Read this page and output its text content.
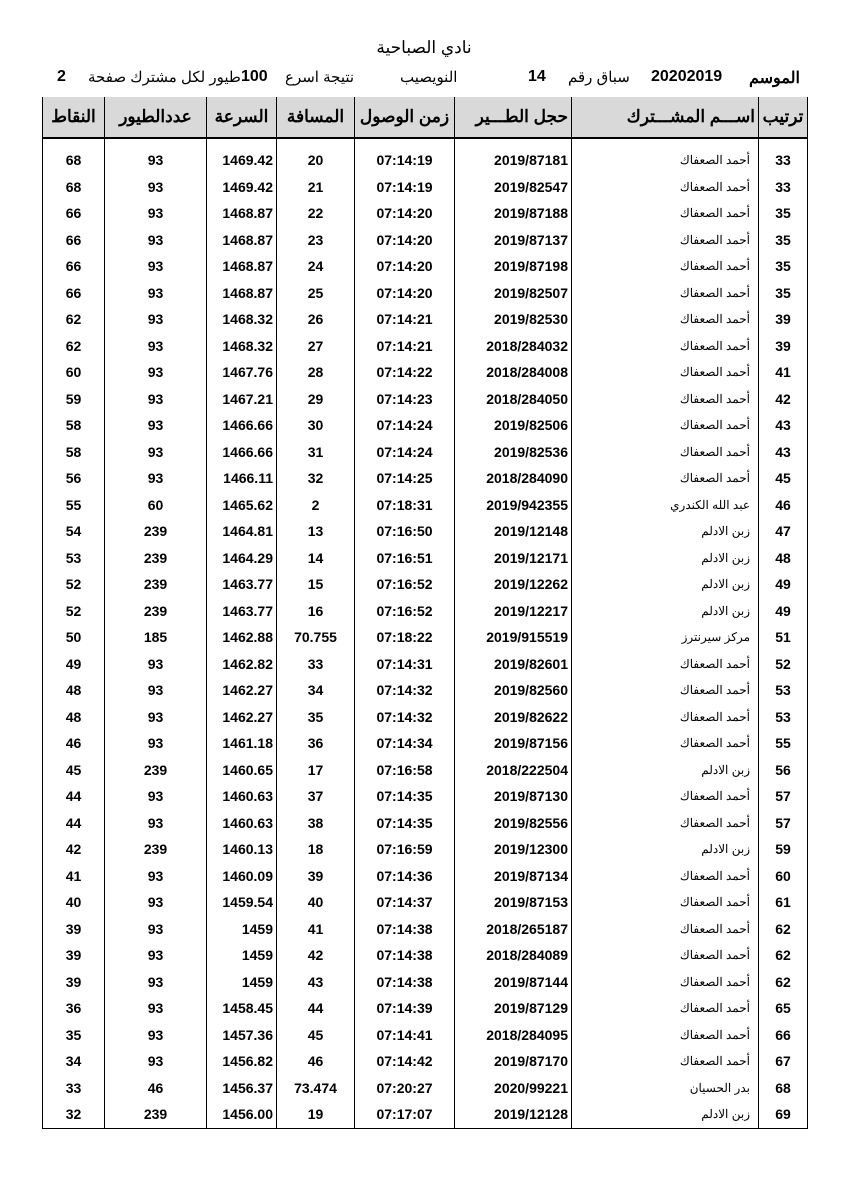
نادي الصباحية
الموسم
20202019
سباق رقم
14
النويصيب
نتيجة اسرع
100
طيور لكل مشترك صفحة
2
النقاط	عددالطيور	السرعة	المسافة	زمن الوصول	حجل الطـــير	اســـم المشـــترك	ترتيب

68	93	1469.42	20	07:14:19	2019/87181	أحمد الصعفاك	33
68	93	1469.42	21	07:14:19	2019/82547	أحمد الصعفاك	33
66	93	1468.87	22	07:14:20	2019/87188	أحمد الصعفاك	35
66	93	1468.87	23	07:14:20	2019/87137	أحمد الصعفاك	35
66	93	1468.87	24	07:14:20	2019/87198	أحمد الصعفاك	35
66	93	1468.87	25	07:14:20	2019/82507	أحمد الصعفاك	35
62	93	1468.32	26	07:14:21	2019/82530	أحمد الصعفاك	39
62	93	1468.32	27	07:14:21	2018/284032	أحمد الصعفاك	39
60	93	1467.76	28	07:14:22	2018/284008	أحمد الصعفاك	41
59	93	1467.21	29	07:14:23	2018/284050	أحمد الصعفاك	42
58	93	1466.66	30	07:14:24	2019/82506	أحمد الصعفاك	43
58	93	1466.66	31	07:14:24	2019/82536	أحمد الصعفاك	43
56	93	1466.11	32	07:14:25	2018/284090	أحمد الصعفاك	45
55	60	1465.62	2	07:18:31	2019/942355	عبد الله الكندري	46
54	239	1464.81	13	07:16:50	2019/12148	زبن الادلم	47
53	239	1464.29	14	07:16:51	2019/12171	زبن الادلم	48
52	239	1463.77	15	07:16:52	2019/12262	زبن الادلم	49
52	239	1463.77	16	07:16:52	2019/12217	زبن الادلم	49
50	185	1462.88	70.755	07:18:22	2019/915519	مركز سيرنترز	51
49	93	1462.82	33	07:14:31	2019/82601	أحمد الصعفاك	52
48	93	1462.27	34	07:14:32	2019/82560	أحمد الصعفاك	53
48	93	1462.27	35	07:14:32	2019/82622	أحمد الصعفاك	53
46	93	1461.18	36	07:14:34	2019/87156	أحمد الصعفاك	55
45	239	1460.65	17	07:16:58	2018/222504	زبن الادلم	56
44	93	1460.63	37	07:14:35	2019/87130	أحمد الصعفاك	57
44	93	1460.63	38	07:14:35	2019/82556	أحمد الصعفاك	57
42	239	1460.13	18	07:16:59	2019/12300	زبن الادلم	59
41	93	1460.09	39	07:14:36	2019/87134	أحمد الصعفاك	60
40	93	1459.54	40	07:14:37	2019/87153	أحمد الصعفاك	61
39	93	1459	41	07:14:38	2018/265187	أحمد الصعفاك	62
39	93	1459	42	07:14:38	2018/284089	أحمد الصعفاك	62
39	93	1459	43	07:14:38	2019/87144	أحمد الصعفاك	62
36	93	1458.45	44	07:14:39	2019/87129	أحمد الصعفاك	65
35	93	1457.36	45	07:14:41	2018/284095	أحمد الصعفاك	66
34	93	1456.82	46	07:14:42	2019/87170	أحمد الصعفاك	67
33	46	1456.37	73.474	07:20:27	2020/99221	بدر الحسيان	68
32	239	1456.00	19	07:17:07	2019/12128	زبن الادلم	69
